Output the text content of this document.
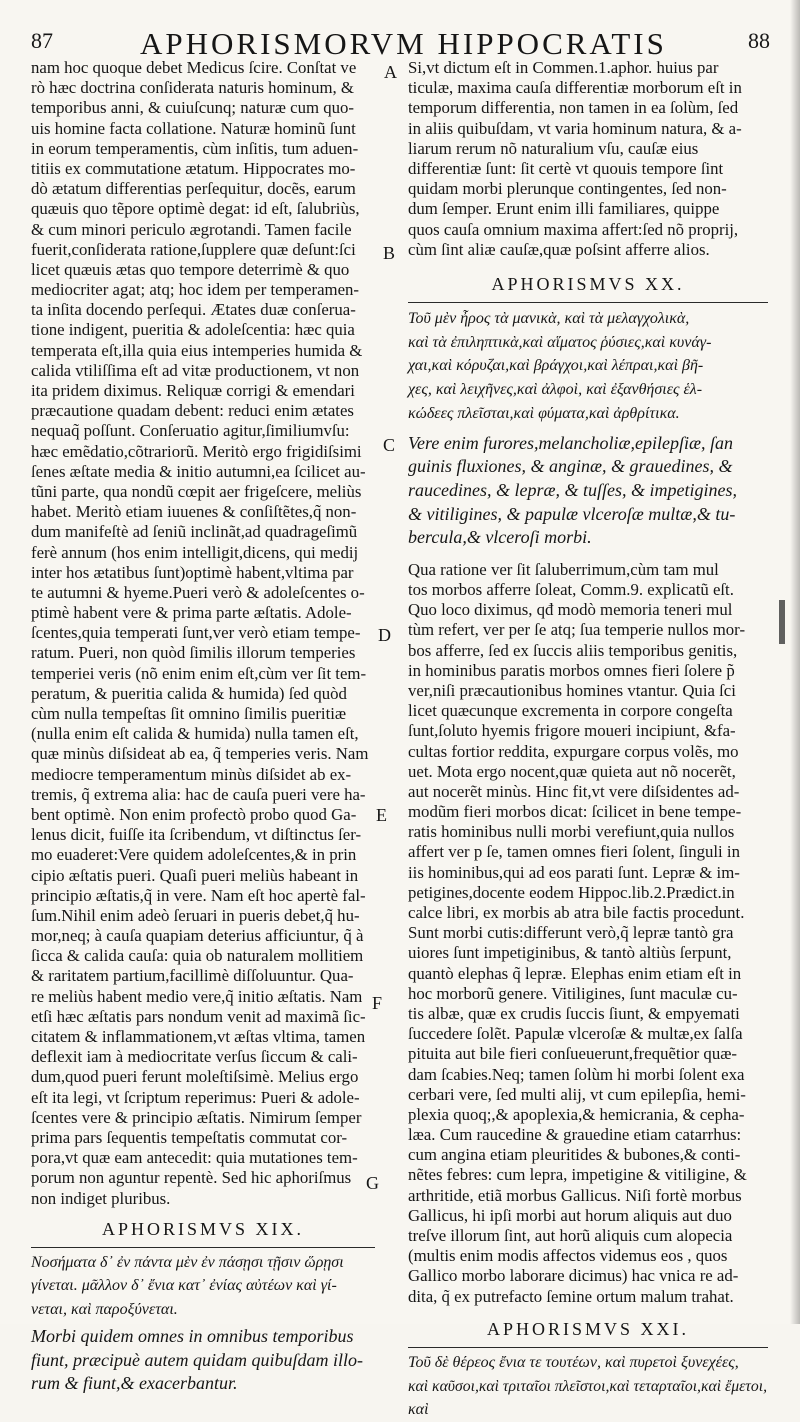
87	APHORISMORVM HIPPOCRATIS	88
nam hoc quoque debet Medicus ſcire. Conſtat ve
rò hæc doctrina conſiderata naturis hominum, &
temporibus anni, & cuiuſcunq; naturæ cum quo-
uis homine facta collatione. Naturæ hominũ ſunt
in eorum temperamentis, cùm inſitis, tum aduen-
titiis ex commutatione ætatum. Hippocrates mo-
dò ætatum differentias perſequitur, docẽs, earum
quæuis quo tẽpore optimè degat: id eſt, ſalubriùs,
& cum minori periculo ægrotandi. Tamen facile
fuerit,conſiderata ratione,ſupplere quæ deſunt:ſci
licet quæuis ætas quo tempore deterrimè & quo
mediocriter agat; atq; hoc idem per temperamen-
ta inſita docendo perſequi. Ætates duæ conſerua-
tione indigent, pueritia & adoleſcentia: hæc quia
temperata eſt,illa quia eius intemperies humida &
calida vtiliſſima eſt ad vitæ productionem, vt non
ita pridem diximus. Reliquæ corrigi & emendari
præcautione quadam debent: reduci enim ætates
nequaq̃ poſſunt. Conſeruatio agitur,ſimiliumvſu:
hæc emẽdatio,cõtrariorũ. Meritò ergo frigidiſsimi
ſenes æſtate media & initio autumni,ea ſcilicet au-
tũni parte, qua nondũ cœpit aer frigeſcere, meliùs
habet. Meritò etiam iuuenes & conſiſtẽtes,q̃ non-
dum manifeſtè ad ſeniũ inclinãt,ad quadrageſimũ
ferè annum (hos enim intelligit,dicens, qui medij
inter hos ætatibus ſunt)optimè habent,vltima par
te autumni & hyeme.Pueri verò & adoleſcentes o-
ptimè habent vere & prima parte æſtatis. Adole-
ſcentes,quia temperati ſunt,ver verò etiam tempe-
ratum. Pueri, non quòd ſimilis illorum temperies
temperiei veris (nõ enim enim eſt,cùm ver ſit tem-
peratum, & pueritia calida & humida) ſed quòd
cùm nulla tempeſtas ſit omnino ſimilis pueritiæ
(nulla enim eſt calida & humida) nulla tamen eſt,
quæ minùs diſsideat ab ea, q̃ temperies veris. Nam
mediocre temperamentum minùs diſsidet ab ex-
tremis, q̃ extrema alia: hac de cauſa pueri vere ha-
bent optimè. Non enim profectò probo quod Ga-
lenus dicit, fuiſſe ita ſcribendum, vt diſtinctus ſer-
mo euaderet:Vere quidem adoleſcentes,& in prin
cipio æſtatis pueri. Quaſi pueri meliùs habeant in
principio æſtatis,q̃ in vere. Nam eſt hoc apertè fal-
ſum.Nihil enim adeò ſeruari in pueris debet,q̃ hu-
mor,neq; à cauſa quapiam deterius afficiuntur, q̃ à
ſicca & calida cauſa: quia ob naturalem mollitiem
& raritatem partium,facillimè diſſoluuntur. Qua-
re meliùs habent medio vere,q̃ initio æſtatis. Nam
etſi hæc æſtatis pars nondum venit ad maximã ſic-
citatem & inflammationem,vt æſtas vltima, tamen
deflexit iam à mediocritate verſus ſiccum & cali-
dum,quod pueri ferunt moleſtiſsimè. Melius ergo
eſt ita legi, vt ſcriptum reperimus: Pueri & adole-
ſcentes vere & principio æſtatis. Nimirum ſemper
prima pars ſequentis tempeſtatis commutat cor-
pora,vt quæ eam antecedit: quia mutationes tem-
porum non aguntur repentè. Sed hic aphoriſmus
non indiget pluribus.
APHORISMVS XIX.
Νοσήματα δ᾽ ἐν πάντα μὲν ἐν πάσῃσι τῇσιν ὥρῃσι
γίνεται. μᾶλλον δ᾽ ἔνια κατ᾽ ἐνίας αὐτέων καὶ γί-
νεται, καὶ παροξύνεται.
Morbi quidem omnes in omnibus temporibus
fiunt, præcipuè autem quidam quibuſdam illo-
rum & fiunt,& exacerbantur.
Si,vt dictum eſt in Commen.1.aphor. huius par
ticulæ, maxima cauſa differentiæ morborum eſt in
temporum differentia, non tamen in ea ſolùm, ſed
in aliis quibuſdam, vt varia hominum natura, & a-
liarum rerum nõ naturalium vſu, cauſæ eius
differentiæ ſunt: ſit certè vt quouis tempore ſint
quidam morbi plerunque contingentes, ſed non-
dum ſemper. Erunt enim illi familiares, quippe
quos cauſa omnium maxima affert:ſed nõ proprij,
cùm ſint aliæ cauſæ,quæ poſsint afferre alios.
APHORISMVS XX.
Τοῦ μὲν ἦρος τὰ μανικὰ, καὶ τὰ μελαγχολικὰ,
καὶ τὰ ἐπιληπτικὰ,καὶ αἵματος ῥύσιες,καὶ κυνάγ-
χαι,καὶ κόρυζαι,καὶ βράγχοι,καὶ λέπραι,καὶ βῆ-
χες, καὶ λειχῆνες,καὶ ἀλφοὶ, καὶ ἐξανθήσιες ἑλ-
κώδεες πλεῖσται,καὶ φύματα,καὶ ἀρθρίτικα.
Vere enim furores,melancholiæ,epilepſiæ, ſan
guinis fluxiones, & anginæ, & grauedines, &
raucedines, & lepræ, & tuſſes, & impetigines,
& vitiligines, & papulæ vlceroſæ multæ,& tu-
bercula,& vlceroſi morbi.
Qua ratione ver ſit ſaluberrimum,cùm tam mul
tos morbos afferre ſoleat, Comm.9. explicatũ eſt.
Quo loco diximus, qđ modò memoria teneri mul
tùm refert, ver per ſe atq; ſua temperie nullos mor-
bos afferre, ſed ex ſuccis aliis temporibus genitis,
in hominibus paratis morbos omnes fieri ſolere p̃
ver,niſi præcautionibus homines vtantur. Quia ſci
licet quæcunque excrementa in corpore congeſta
ſunt,ſoluto hyemis frigore moueri incipiunt, &fa-
cultas fortior reddita, expurgare corpus volẽs, mo
uet. Mota ergo nocent,quæ quieta aut nõ nocerẽt,
aut nocerẽt minùs. Hinc fit,vt vere diſsidentes ad-
modũm fieri morbos dicat: ſcilicet in bene tempe-
ratis hominibus nulli morbi verefiunt,quia nullos
affert ver p ſe, tamen omnes fieri ſolent, ſinguli in
iis hominibus,qui ad eos parati ſunt. Lepræ & im-
petigines,docente eodem Hippoc.lib.2.Prædict.in
calce libri, ex morbis ab atra bile factis procedunt.
Sunt morbi cutis:differunt verò,q̃ lepræ tantò gra
uiores ſunt impetiginibus, & tantò altiùs ſerpunt,
quantò elephas q̃ lepræ. Elephas enim etiam eſt in
hoc morborũ genere. Vitiligines, ſunt maculæ cu-
tis albæ, quæ ex crudis ſuccis ſiunt, & empyemati
ſuccedere ſolẽt. Papulæ vlceroſæ & multæ,ex ſalſa
pituita aut bile fieri conſueuerunt,frequẽtior quæ-
dam ſcabies.Neq; tamen ſolùm hi morbi ſolent exa
cerbari vere, ſed multi alij, vt cum epilepſia, hemi-
plexia quoq;,& apoplexia,& hemicrania, & cepha-
læa. Cum raucedine & grauedine etiam catarrhus:
cum angina etiam pleuritides & bubones,& conti-
nẽtes febres: cum lepra, impetigine & vitiligine, &
arthritide, etiã morbus Gallicus. Niſi fortè morbus
Gallicus, hi ipſi morbi aut horum aliquis aut duo
treſve illorum ſint, aut horũ aliquis cum alopecia
(multis enim modis affectos videmus eos , quos
Gallico morbo laborare dicimus) hac vnica re ad-
dita, q̃ ex putrefacto ſemine ortum malum trahat.
APHORISMVS XXI.
Τοῦ δὲ θέρεος ἔνια τε τουτέων, καὶ πυρετοὶ ξυνεχέες,
καὶ καῦσοι,καὶ τριταῖοι πλεῖστοι,καὶ τεταρταῖοι,καὶ ἔμετοι,
καὶ
A
B
C
D
E
F
G
